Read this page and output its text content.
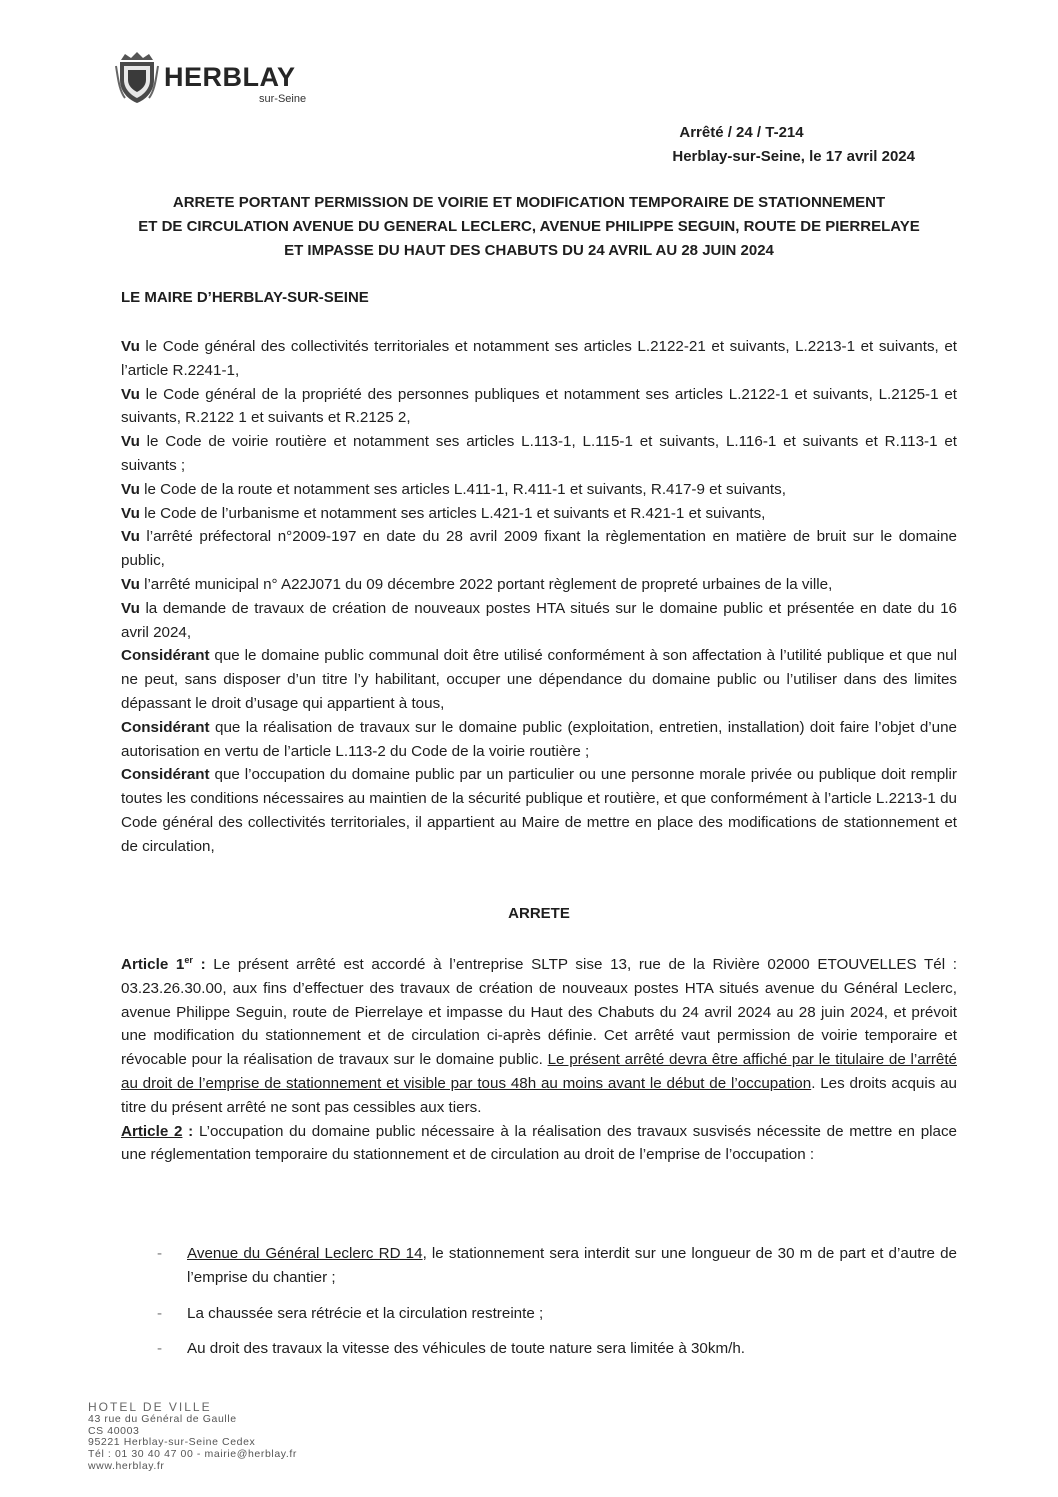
HERBLAY
sur-Seine
Arrêté / 24 / T-214
Herblay-sur-Seine, le 17 avril 2024
ARRETE PORTANT PERMISSION DE VOIRIE ET MODIFICATION TEMPORAIRE DE STATIONNEMENT
ET DE CIRCULATION AVENUE DU GENERAL LECLERC, AVENUE PHILIPPE SEGUIN, ROUTE DE PIERRELAYE
ET IMPASSE DU HAUT DES CHABUTS DU 24 AVRIL AU 28 JUIN 2024
LE MAIRE D’HERBLAY-SUR-SEINE

Vu le Code général des collectivités territoriales et notamment ses articles L.2122-21 et suivants, L.2213-1 et suivants, et l’article R.2241-1,

Vu le Code général de la propriété des personnes publiques et notamment ses articles L.2122-1 et suivants, L.2125-1 et suivants, R.2122 1 et suivants et R.2125 2,

Vu le Code de voirie routière et notamment ses articles L.113-1, L.115-1 et suivants, L.116-1 et suivants et R.113-1 et suivants ;

Vu le Code de la route et notamment ses articles L.411-1, R.411-1 et suivants, R.417-9 et suivants,

Vu le Code de l’urbanisme et notamment ses articles L.421-1 et suivants et R.421-1 et suivants,

Vu l’arrêté préfectoral n°2009-197 en date du 28 avril 2009 fixant la règlementation en matière de bruit sur le domaine public,

Vu l’arrêté municipal n° A22J071 du 09 décembre 2022 portant règlement de propreté urbaines de la ville,

Vu la demande de travaux de création de nouveaux postes HTA situés sur le domaine public et présentée en date du 16 avril 2024,

Considérant que le domaine public communal doit être utilisé conformément à son affectation à l’utilité publique et que nul ne peut, sans disposer d’un titre l’y habilitant, occuper une dépendance du domaine public ou l’utiliser dans des limites dépassant le droit d’usage qui appartient à tous,

Considérant que la réalisation de travaux sur le domaine public (exploitation, entretien, installation) doit faire l’objet d’une autorisation en vertu de l’article L.113-2 du Code de la voirie routière ;

Considérant que l’occupation du domaine public par un particulier ou une personne morale privée ou publique doit remplir toutes les conditions nécessaires au maintien de la sécurité publique et routière, et que conformément à l’article L.2213-1 du Code général des collectivités territoriales, il appartient au Maire de mettre en place des modifications de stationnement et de circulation,

ARRETE

Article 1er : Le présent arrêté est accordé à l’entreprise SLTP sise 13, rue de la Rivière 02000 ETOUVELLES Tél : 03.23.26.30.00, aux fins d’effectuer des travaux de création de nouveaux postes HTA situés avenue du Général Leclerc, avenue Philippe Seguin, route de Pierrelaye et impasse du Haut des Chabuts du 24 avril 2024 au 28 juin 2024, et prévoit une modification du stationnement et de circulation ci-après définie. Cet arrêté vaut permission de voirie temporaire et révocable pour la réalisation de travaux sur le domaine public. Le présent arrêté devra être affiché par le titulaire de l’arrêté au droit de l’emprise de stationnement et visible par tous 48h au moins avant le début de l’occupation. Les droits acquis au titre du présent arrêté ne sont pas cessibles aux tiers.

Article 2 : L’occupation du domaine public nécessaire à la réalisation des travaux susvisés nécessite de mettre en place une réglementation temporaire du stationnement et de circulation au droit de l’emprise de l’occupation :

- Avenue du Général Leclerc RD 14, le stationnement sera interdit sur une longueur de 30 m de part et d’autre de l’emprise du chantier ;
- La chaussée sera rétrécie et la circulation restreinte ;
- Au droit des travaux la vitesse des véhicules de toute nature sera limitée à 30km/h.
HOTEL DE VILLE
43 rue du Général de Gaulle
CS 40003
95221 Herblay-sur-Seine Cedex
Tél : 01 30 40 47 00 - mairie@herblay.fr
www.herblay.fr
